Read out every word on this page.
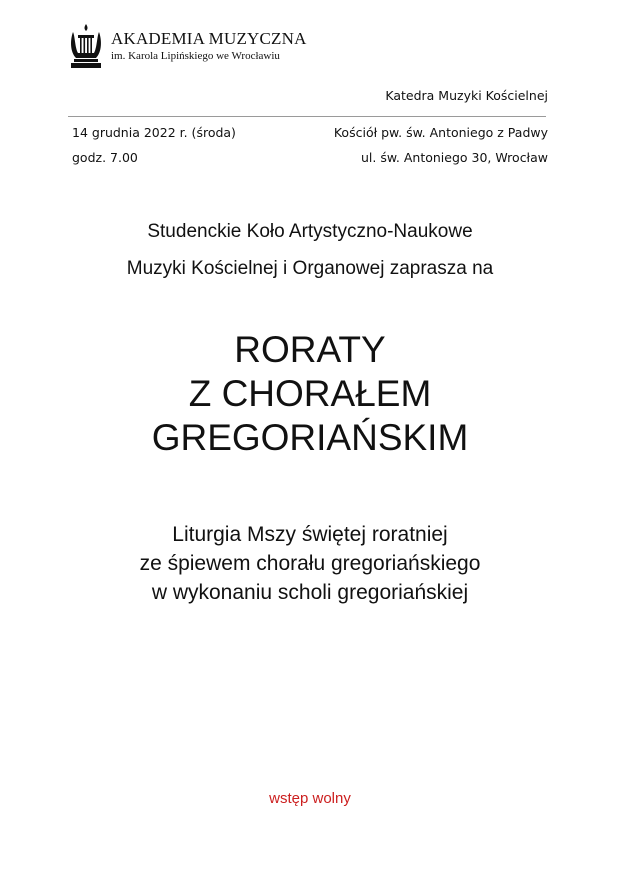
AKADEMIA MUZYCZNA
im. Karola Lipińskiego we Wrocławiu
Katedra Muzyki Kościelnej
14 grudnia 2022 r. (środa)
godz. 7.00
Kościół pw. św. Antoniego z Padwy
ul. św. Antoniego 30, Wrocław
Studenckie Koło Artystyczno-Naukowe
Muzyki Kościelnej i Organowej zaprasza na
RORATY
Z CHORAŁEM
GREGORIAŃSKIM
Liturgia Mszy świętej roratniej
ze śpiewem chorału gregoriańskiego
w wykonaniu scholi gregoriańskiej
wstęp wolny
